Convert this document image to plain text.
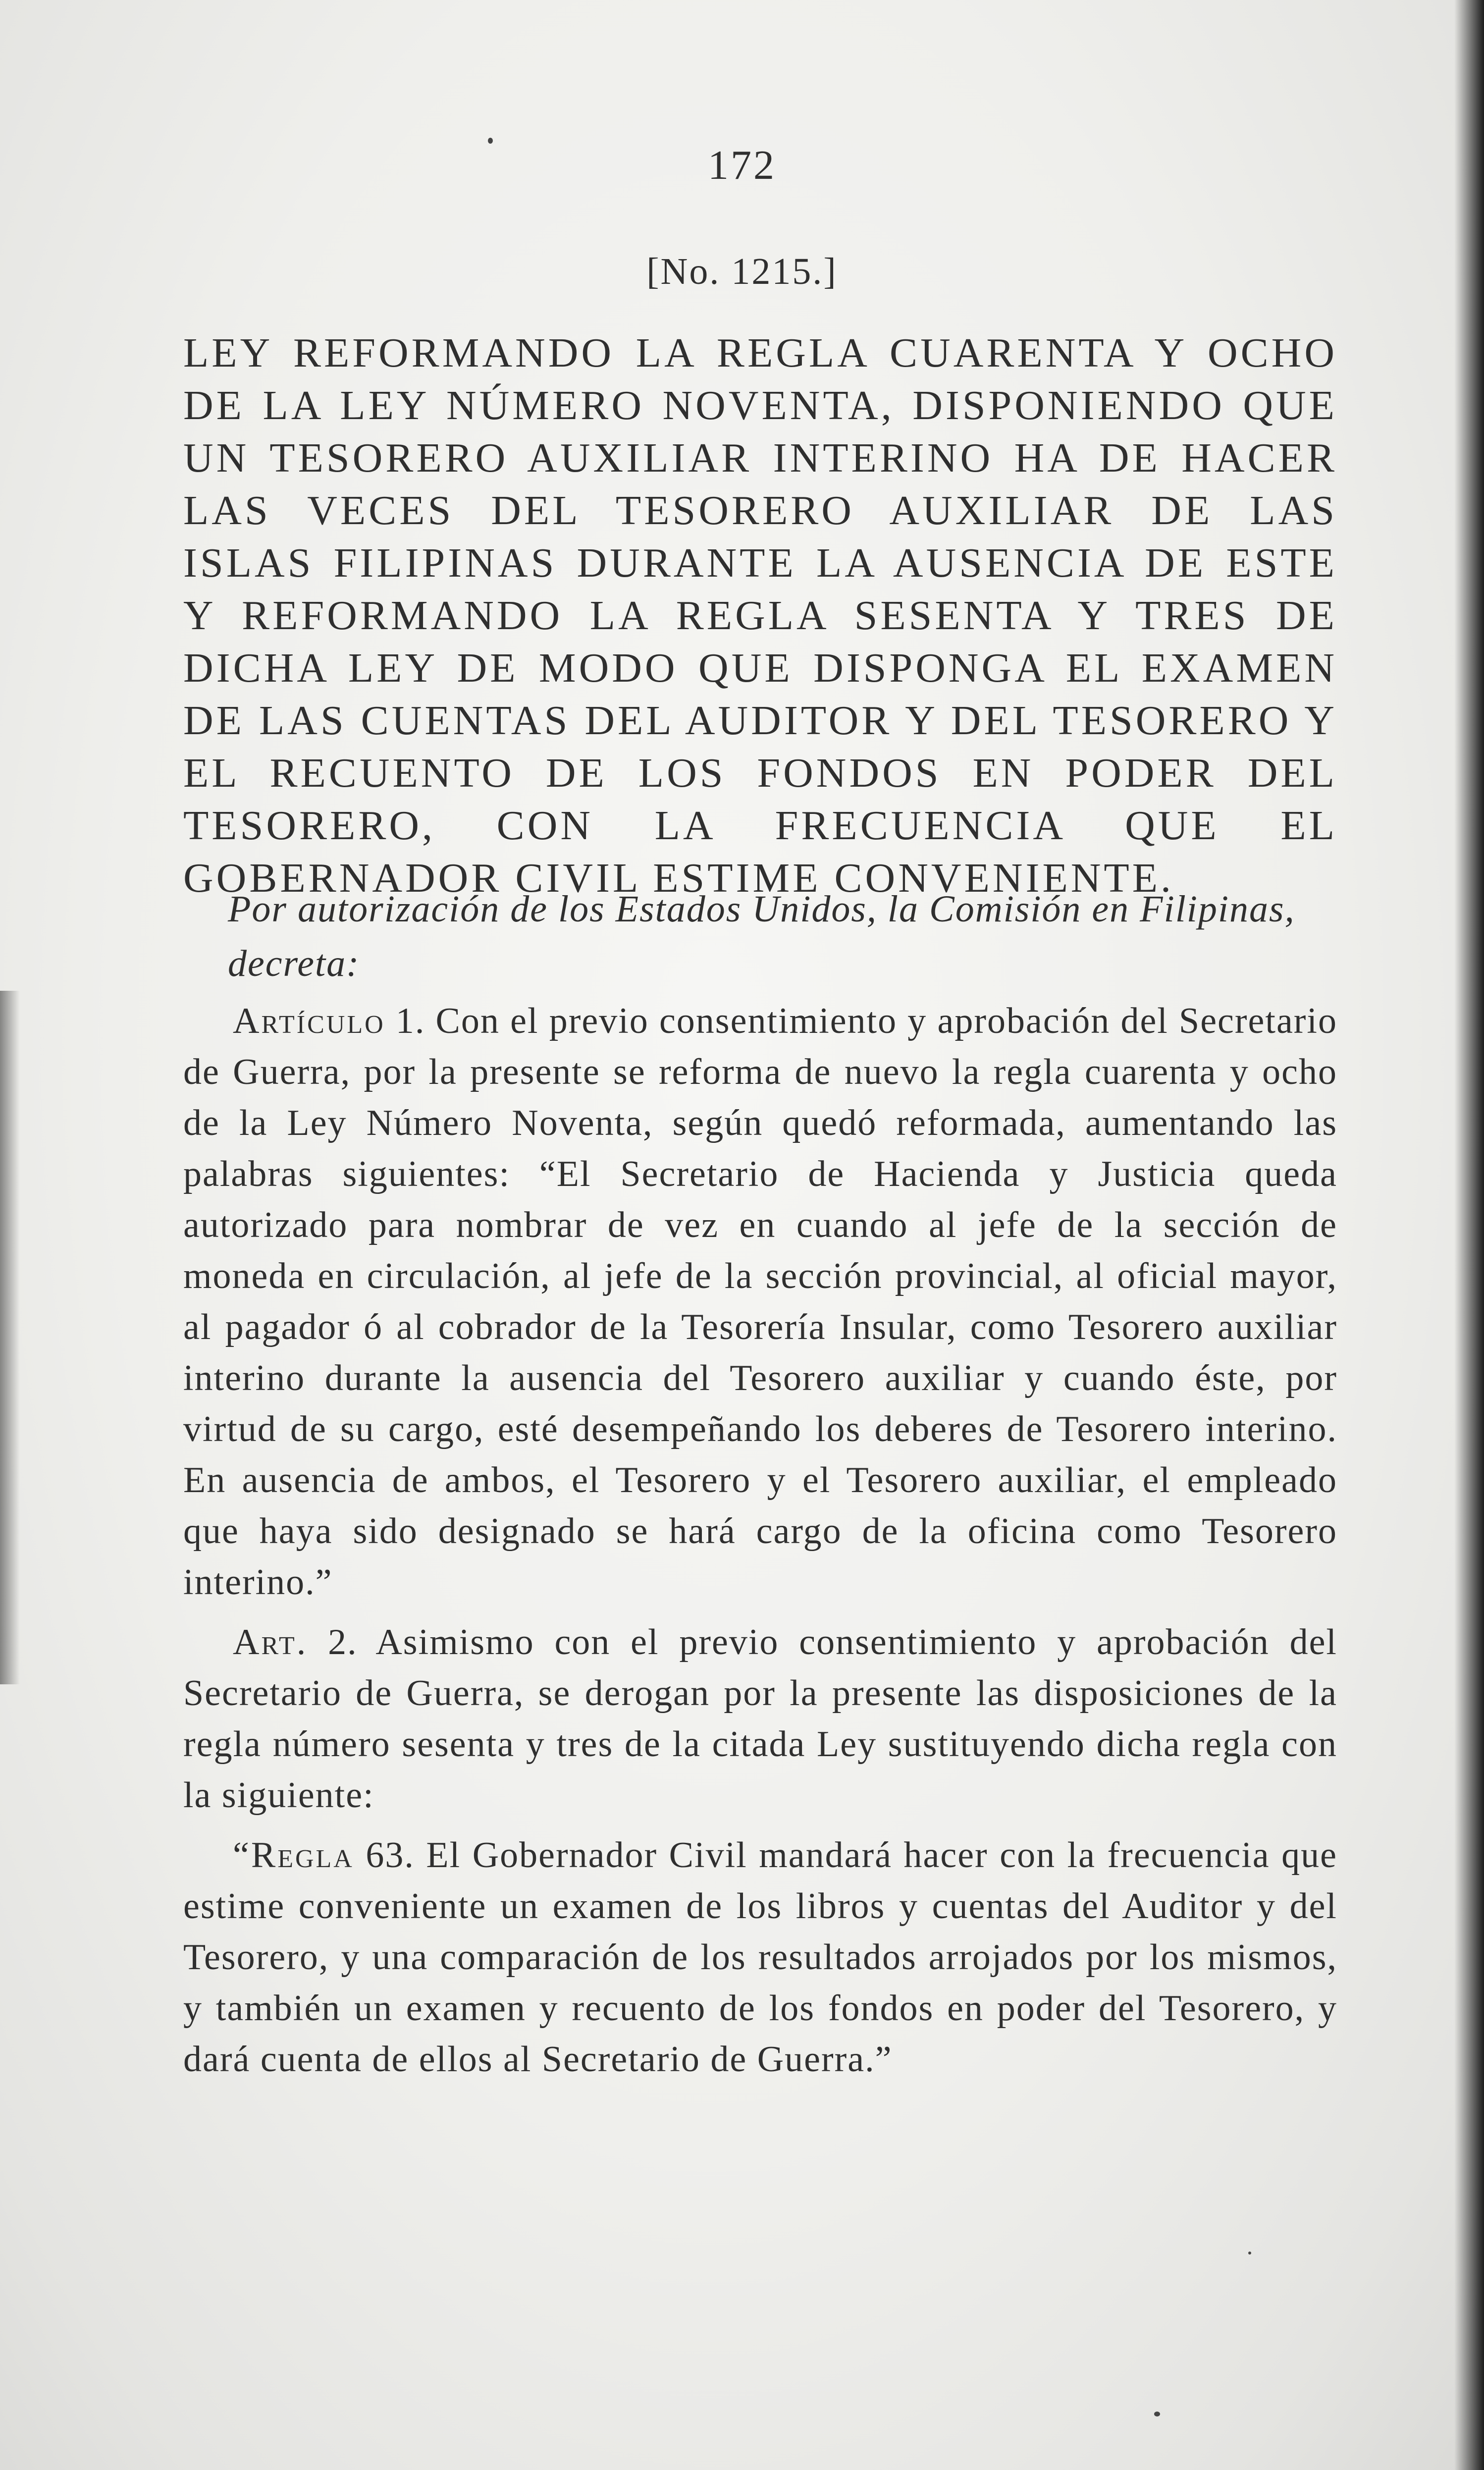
172
[No. 1215.]
LEY REFORMANDO LA REGLA CUARENTA Y OCHO DE LA LEY NÚMERO NOVENTA, DISPONIENDO QUE UN TESORERO AUXILIAR INTERINO HA DE HACER LAS VECES DEL TESORERO AUXILIAR DE LAS ISLAS FILIPINAS DURANTE LA AUSENCIA DE ESTE Y REFORMANDO LA REGLA SESENTA Y TRES DE DICHA LEY DE MODO QUE DISPONGA EL EXAMEN DE LAS CUENTAS DEL AUDITOR Y DEL TESORERO Y EL RECUENTO DE LOS FONDOS EN PODER DEL TESORERO, CON LA FRECUENCIA QUE EL GOBERNADOR CIVIL ESTIME CONVENIENTE.
Por autorización de los Estados Unidos, la Comisión en Filipinas,
decreta:

Artículo 1. Con el previo consentimiento y aprobación del Secretario de Guerra, por la presente se reforma de nuevo la regla cuarenta y ocho de la Ley Número Noventa, según quedó reformada, aumentando las palabras siguientes: “El Secretario de Hacienda y Justicia queda autorizado para nombrar de vez en cuando al jefe de la sección de moneda en circulación, al jefe de la sección provincial, al oficial mayor, al pagador ó al cobrador de la Tesorería Insular, como Tesorero auxiliar interino durante la ausencia del Tesorero auxiliar y cuando éste, por virtud de su cargo, esté desempeñando los deberes de Tesorero interino. En ausencia de ambos, el Tesorero y el Tesorero auxiliar, el empleado que haya sido designado se hará cargo de la oficina como Tesorero interino.”

Art. 2. Asimismo con el previo consentimiento y aprobación del Secretario de Guerra, se derogan por la presente las disposiciones de la regla número sesenta y tres de la citada Ley sustituyendo dicha regla con la siguiente:

“Regla 63. El Gobernador Civil mandará hacer con la frecuencia que estime conveniente un examen de los libros y cuentas del Auditor y del Tesorero, y una comparación de los resultados arrojados por los mismos, y también un examen y recuento de los fondos en poder del Tesorero, y dará cuenta de ellos al Secretario de Guerra.”
